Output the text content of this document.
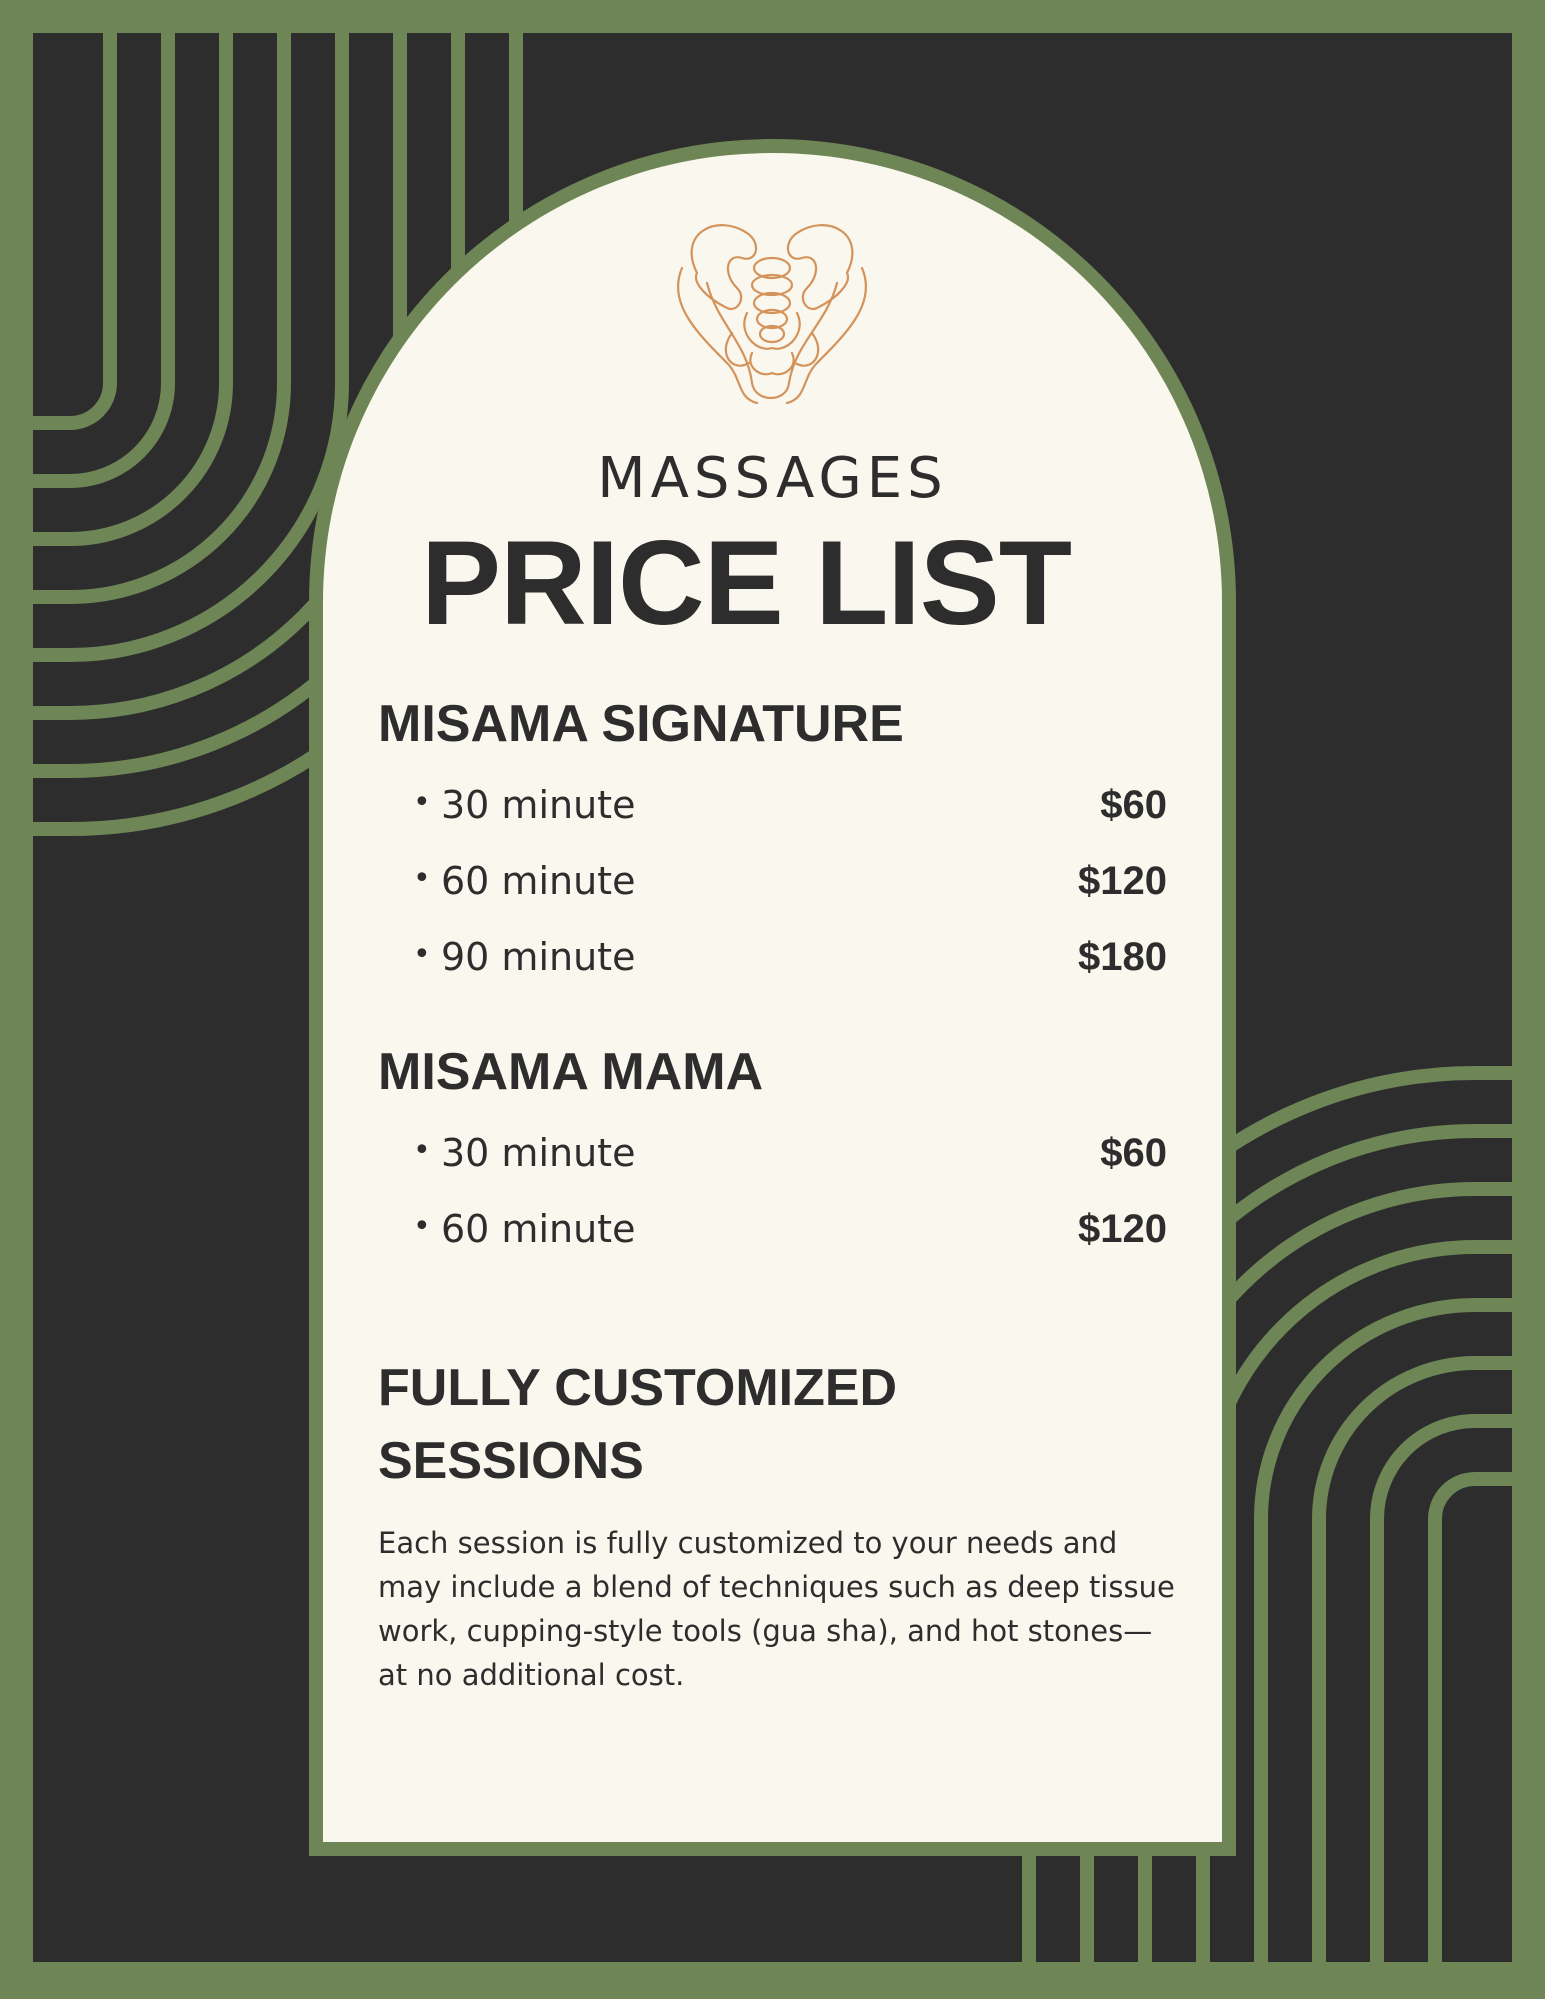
MASSAGES
PRICE LIST
MISAMA SIGNATURE
• 30 minute	$60
• 60 minute	$120
• 90 minute	$180
MISAMA MAMA
• 30 minute	$60
• 60 minute	$120
FULLY CUSTOMIZED
SESSIONS
Each session is fully customized to your needs and may include a blend of techniques such as deep tissue work, cupping-style tools (gua sha), and hot stones—at no additional cost.
